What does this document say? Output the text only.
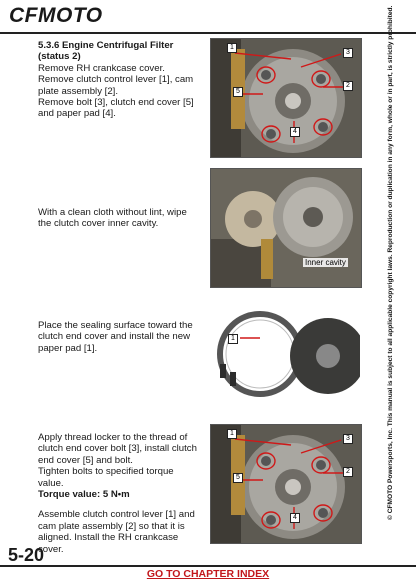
CFMOTO

5.3.6 Engine Centrifugal Filter (status 2)

Remove RH crankcase cover.

Remove clutch control lever [1], cam plate assembly [2].

Remove bolt [3], clutch end cover [5] and paper pad [4].

1
2
3
5
4

With a clean cloth without lint, wipe the clutch cover inner cavity.

Inner cavity

Place the sealing surface toward the clutch end cover and install the new paper pad [1].

1

Apply thread locker to the thread of clutch end cover bolt [3], install clutch end cover [5] and bolt.

Tighten bolts to specified torque value.

Torque value: 5 N•m

Assemble clutch control lever [1] and cam plate assembly [2] so that it is aligned. Install the RH crankcase cover.

1
3
2
5
4	© CFMOTO Powersports, Inc. This manual is subject to all applicable copyright laws. Reproduction or duplication in any form, whole or in part, is strictly prohibited.
5-20
GO TO CHAPTER INDEX
